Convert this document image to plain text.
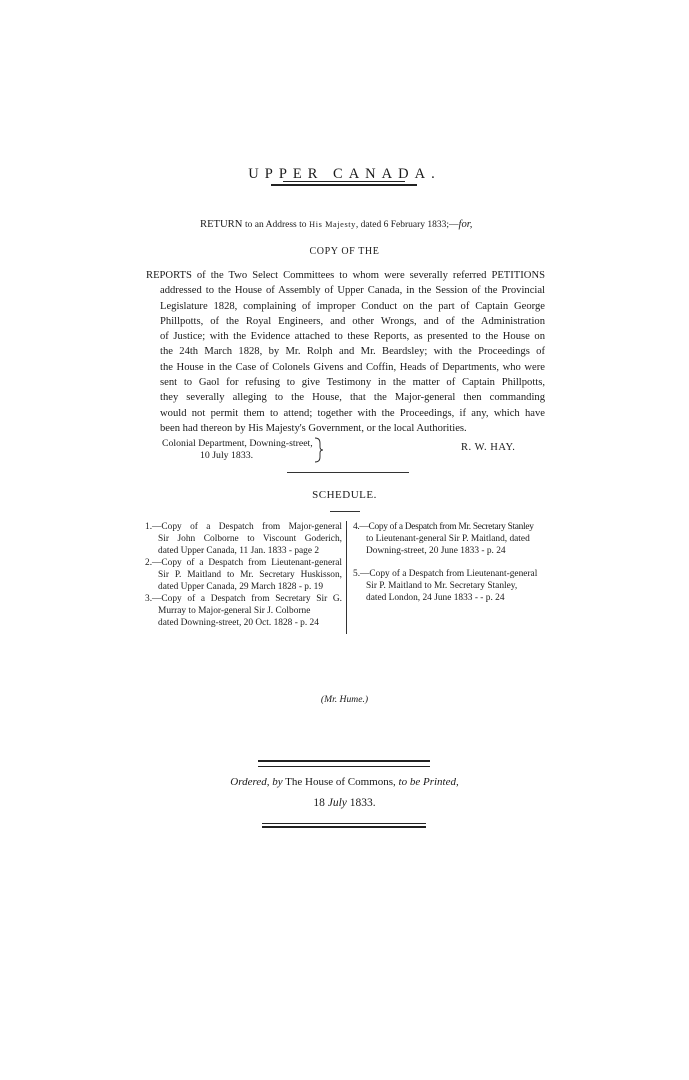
UPPER CANADA.
RETURN to an Address to His Majesty, dated 6 February 1833;—for,
COPY OF THE
REPORTS of the Two Select Committees to whom were severally referred PETITIONS
addressed to the House of Assembly of Upper Canada, in the Session of the Provincial
Legislature 1828, complaining of improper Conduct on the part of Captain George
Phillpotts, of the Royal Engineers, and other Wrongs, and of the Administration
of Justice; with the Evidence attached to these Reports, as presented to the House on
the 24th March 1828, by Mr. Rolph and Mr. Beardsley; with the Proceedings of
the House in the Case of Colonels Givens and Coffin, Heads of Departments, who were
sent to Gaol for refusing to give Testimony in the matter of Captain Phillpotts,
they severally alleging to the House, that the Major-general then commanding
would not permit them to attend; together with the Proceedings, if any, which have
been had thereon by His Majesty's Government, or the local Authorities.
Colonial Department, Downing-street,
10 July 1833.
R. W. HAY.
SCHEDULE.
1.—Copy of a Despatch from Major-general
Sir John Colborne to Viscount Goderich,
dated Upper Canada, 11 Jan. 1833 - page 2
2.—Copy of a Despatch from Lieutenant-general
Sir P. Maitland to Mr. Secretary Huskisson,
dated Upper Canada, 29 March 1828 - p. 19
3.—Copy of a Despatch from Secretary Sir G.
Murray to Major-general Sir J. Colborne
dated Downing-street, 20 Oct. 1828 - p. 24
4.—Copy of a Despatch from Mr. Secretary Stanley
to Lieutenant-general Sir P. Maitland, dated
Downing-street, 20 June 1833 - p. 24
5.—Copy of a Despatch from Lieutenant-general
Sir P. Maitland to Mr. Secretary Stanley,
dated London, 24 June 1833 - - p. 24
(Mr. Hume.)
Ordered, by The House of Commons, to be Printed,
18 July 1833.
